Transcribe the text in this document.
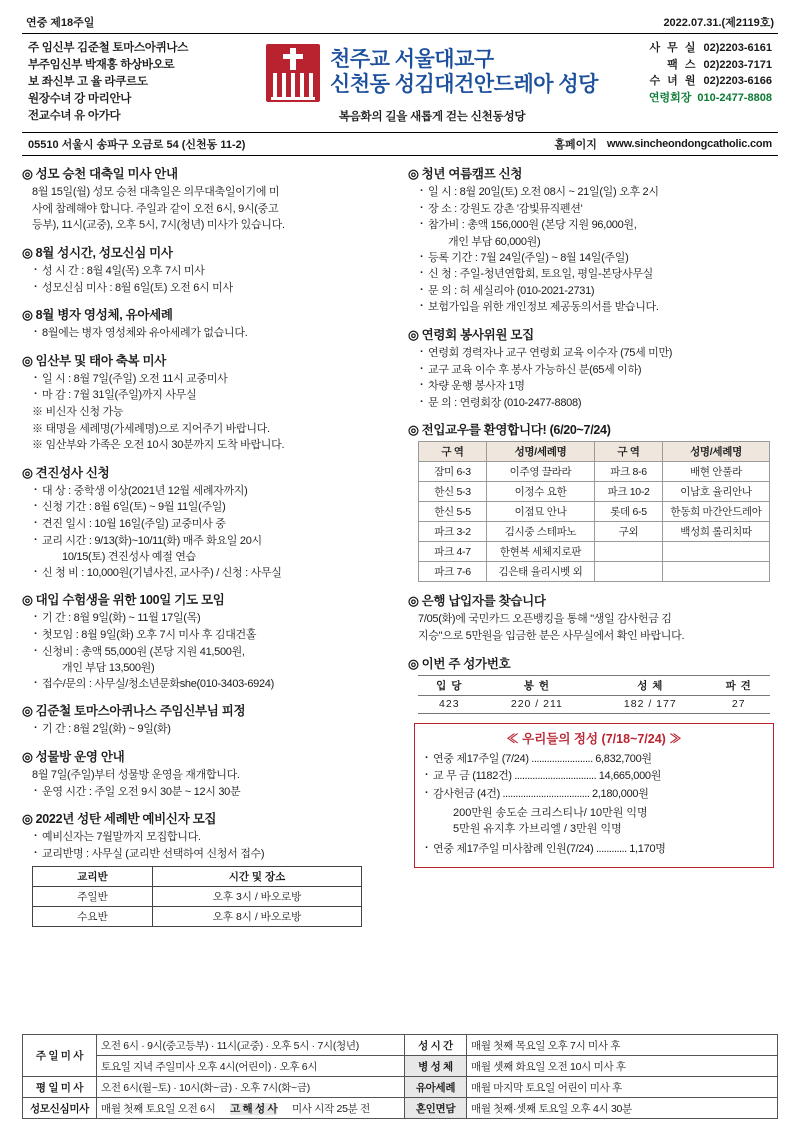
연중 제18주일	2022.07.31.(제2119호)
주 임신부 김준철 토마스아퀴나스
부주임신부 박재홍 하상바오로
보 좌신부 고 율 라쿠르도
원장수녀 강 마리안나
전교수녀 유 아가다
천주교 서울대교구
신천동 성김대건안드레아 성당
복음화의 길을 새롭게 걷는 신천동성당
사 무 실 02)2203-6161
팩 스 02)2203-7171
수 녀 원 02)2203-6166
연령회장 010-2477-8808
05510 서울시 송파구 오금로 54 (신천동 11-2)	홈페이지 www.sincheondongcatholic.com
◎ 성모 승천 대축일 미사 안내

8월 15일(월) 성모 승천 대축일은 의무대축일이기에 미

사에 참례해야 합니다. 주일과 같이 오전 6시, 9시(중고

등부), 11시(교중), 오후 5시, 7시(청년) 미사가 있습니다.

◎ 8월 성시간, 성모신심 미사
· 성 시 간 : 8월 4일(목) 오후 7시 미사
· 성모신심 미사 : 8월 6일(토) 오전 6시 미사
◎ 8월 병자 영성체, 유아세례
· 8월에는 병자 영성체와 유아세례가 없습니다.
◎ 임산부 및 태아 축복 미사
· 일 시 : 8월 7일(주일) 오전 11시 교중미사
· 마 감 : 7월 31일(주일)까지 사무실
※ 비신자 신청 가능
※ 태명을 세례명(가세례명)으로 지어주기 바랍니다.
※ 임산부와 가족은 오전 10시 30분까지 도착 바랍니다.
◎ 견진성사 신청
· 대 상 : 중학생 이상(2021년 12월 세례자까지)
· 신청 기간 : 8월 6일(토) ~ 9월 11일(주일)
· 견진 일시 : 10월 16일(주일) 교중미사 중
· 교리 시간 : 9/13(화)~10/11(화) 매주 화요일 20시
10/15(토) 견진성사 예절 연습
· 신 청 비 : 10,000원(기념사진, 교사주) / 신청 : 사무실
◎ 대입 수험생을 위한 100일 기도 모임
· 기 간 : 8월 9일(화) ~ 11월 17일(목)
· 첫모임 : 8월 9일(화) 오후 7시 미사 후 김대건홀
· 신청비 : 총액 55,000원 (본당 지원 41,500원,
개인 부담 13,500원)
· 접수/문의 : 사무실/청소년문화she(010-3403-6924)
◎ 김준철 토마스아퀴나스 주임신부님 피정
· 기 간 : 8월 2일(화) ~ 9일(화)
◎ 성물방 운영 안내

8월 7일(주일)부터 성물방 운영을 재개합니다.

· 운영 시간 : 주일 오전 9시 30분 ~ 12시 30분
◎ 2022년 성탄 세례반 예비신자 모집
· 예비신자는 7월말까지 모집합니다.
· 교리반명 : 사무실 (교리반 선택하여 신청서 접수)
교리반	시간 및 장소
주일반	오후 3시 / 바오로방
수요반	오후 8시 / 바오로방
◎ 청년 여름캠프 신청
· 일 시 : 8월 20일(토) 오전 08시 ~ 21일(일) 오후 2시
· 장 소 : 강원도 강촌 '감빛뮤직펜션'
· 참가비 : 총액 156,000원 (본당 지원 96,000원,
개인 부담 60,000원)
· 등록 기간 : 7월 24일(주일) ~ 8월 14일(주일)
· 신 청 : 주일-청년연합회, 토요일, 평일-본당사무실
· 문 의 : 허 세실리아 (010-2021-2731)
· 보험가입을 위한 개인정보 제공동의서를 받습니다.
◎ 연령회 봉사위원 모집
· 연령회 경력자나 교구 연령회 교육 이수자 (75세 미만)
· 교구 교육 이수 후 봉사 가능하신 분(65세 이하)
· 차량 운행 봉사자 1명
· 문 의 : 연령회장 (010-2477-8808)
◎ 전입교우를 환영합니다! (6/20~7/24)
구 역	성명/세례명	구 역	성명/세례명
잠미 6-3	이주영 끌라라	파크 8-6	배현 안풀라
한신 5-3	이정수 요한	파크 10-2	이남호 율리안나
한신 5-5	이점묘 안나	롯데 6-5	한동희 마간안드레아
파크 3-2	김시중 스테파노	구외	백성희 롤리치따
파크 4-7	한현복 세체지로판		
파크 7-6	김은태 율리시벳 외		
◎ 은행 납입자를 찾습니다

7/05(화)에 국민카드 오픈뱅킹을 통해 "생일 감사헌금 김

지승"으로 5만원을 입금한 분은 사무실에서 확인 바랍니다.

◎ 이번 주 성가번호
입 당	봉 헌	성 체	파 견
423	220 / 211	182 / 177	27
≪ 우리들의 정성 (7/18~7/24) ≫
· 연중 제17주일 (7/24) ........................ 6,832,700원
· 교 무 금 (1182건) ................................ 14,665,000원
· 감사헌금 (4건) .................................. 2,180,000원
200만원 송도순 크리스티나/ 10만원 익명
5만원 유지후 가브리엘 / 3만원 익명
· 연중 제17주일 미사참례 인원(7/24) ............ 1,170명
주 일 미 사	오전 6시 · 9시(중고등부) · 11시(교중) · 오후 5시 · 7시(청년)	성 시 간	매월 첫째 목요일 오후 7시 미사 후
	토요일 지녁 주일미사 오후 4시(어린이) · 오후 6시	병 성 체	매월 셋째 화요일 오전 10시 미사 후
평 일 미 사	오전 6시(월~토) · 10시(화~금) · 오후 7시(화~금)	유아세례	매월 마지막 토요일 어린이 미사 후
성모신심미사	매월 첫째 토요일 오전 6시 고 해 성 사 미사 시작 25분 전	혼인면담	매월 첫째·셋째 토요일 오후 4시 30분
